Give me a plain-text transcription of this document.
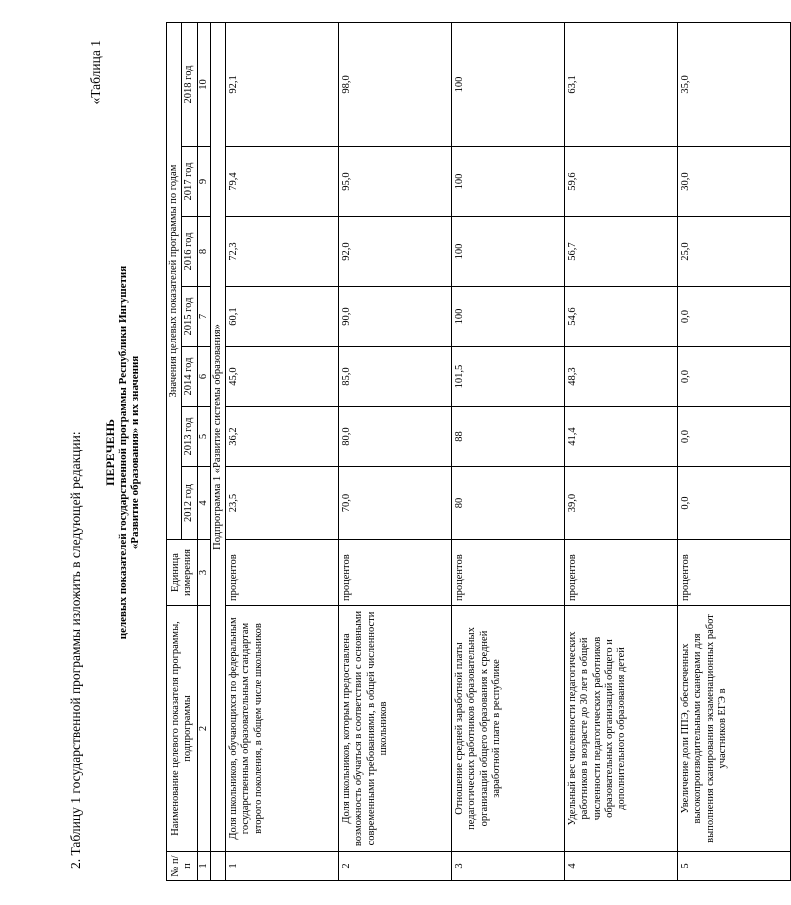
2. Таблицу 1 государственной программы изложить в следующей редакции:
«Таблица 1
ПЕРЕЧЕНЬ целевых показателей государственной программы Республики Ингушетия «Развитие образования» и их значения
№ п/п	Наименование целевого показателя программы, подпрограммы	Единица измерения	Значения целевых показателей программы по годам						
			2012 год	2013 год	2014 год	2015 год	2016 год	2017 год	2018 год
1	2	3	4	5	6	7	8	9	10
	Подпрограмма 1 «Развитие системы образования»								
1	Доля школьников, обучающихся по федеральным государственным образовательным стандартам второго поколения, в общем числе школьников	процентов	23,5	36,2	45,0	60,1	72,3	79,4	92,1
2	Доля школьников, которым предоставлена возможность обучаться в соответствии с основными современными требованиями, в общей численности школьников	процентов	70,0	80,0	85,0	90,0	92,0	95,0	98,0
3	Отношение средней заработной платы педагогических работников образовательных организаций общего образования к средней заработной плате в республике	процентов	80	88	101,5	100	100	100	100
4	Удельный вес численности педагогических работников в возрасте до 30 лет в общей численности педагогических работников образовательных организаций общего и дополнительного образования детей	процентов	39,0	41,4	48,3	54,6	56,7	59,6	63,1
5	Увеличение доли ППЭ, обеспеченных высокопроизводительными сканерами для выполнения сканирования экзаменационных работ участников ЕГЭ в	процентов	0,0	0,0	0,0	0,0	25,0	30,0	35,0
